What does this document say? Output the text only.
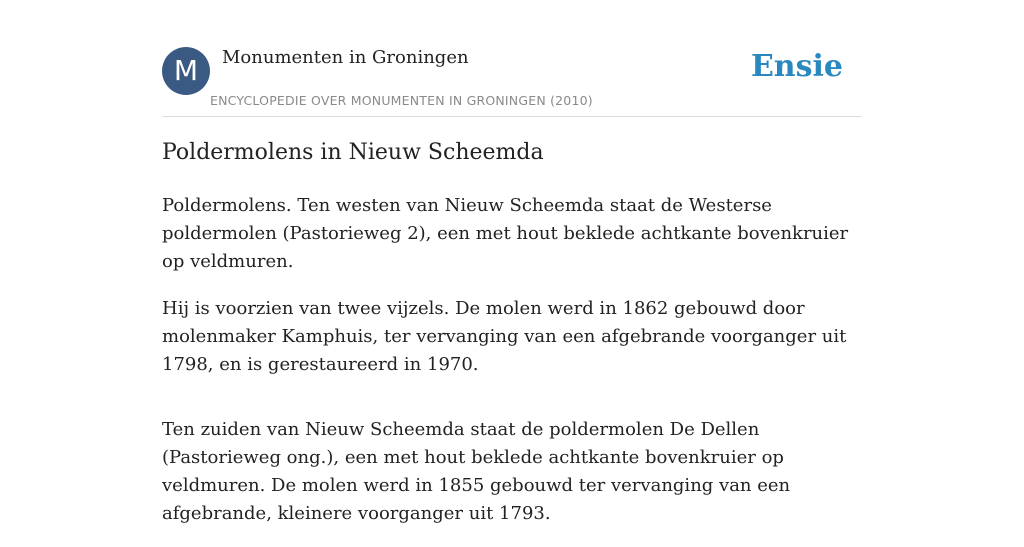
M	Monumenten in Groningen
ENCYCLOPEDIE OVER MONUMENTEN IN GRONINGEN (2010)
Ensie
Poldermolens in Nieuw Scheemda

Poldermolens. Ten westen van Nieuw Scheemda staat de Westerse poldermolen (Pastorieweg 2), een met hout beklede achtkante bovenkruier op veldmuren.

Hij is voorzien van twee vijzels. De molen werd in 1862 gebouwd door molenmaker Kamphuis, ter vervanging van een afgebrande voorganger uit 1798, en is gerestaureerd in 1970.

Ten zuiden van Nieuw Scheemda staat de poldermolen De Dellen (Pastorieweg ong.), een met hout beklede achtkante bovenkruier op veldmuren. De molen werd in 1855 gebouwd ter vervanging van een afgebrande, kleinere voorganger uit 1793.
